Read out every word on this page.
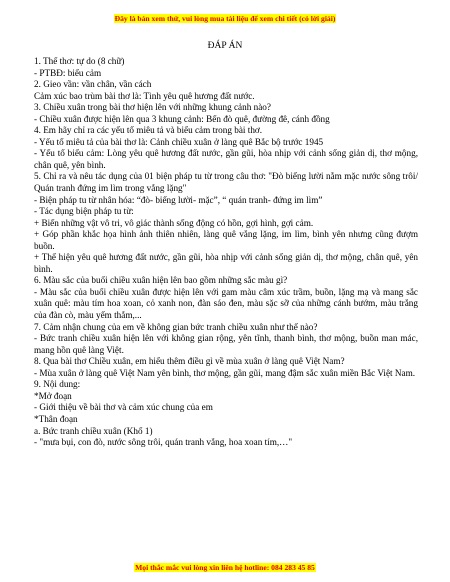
Đây là bản xem thử, vui lòng mua tài liệu để xem chi tiết (có lời giải)
ĐÁP ÁN
1. Thể thơ: tự do (8 chữ)
- PTBĐ: biểu cảm
2. Gieo vần: vần chân, vần cách
Cảm xúc bao trùm bài thơ là: Tình yêu quê hương đất nước.
3. Chiều xuân trong bài thơ hiện lên với những khung cảnh nào?
- Chiều xuân được hiện lên qua 3 khung cảnh: Bến đò quê, đường đê, cánh đồng
4. Em hãy chỉ ra các yếu tố miêu tả và biểu cảm trong bài thơ.
- Yếu tố miêu tả của bài thơ là: Cảnh chiều xuân ở làng quê Bắc bộ trước 1945
- Yếu tố biểu cảm: Lòng yêu quê hương đất nước, gần gũi, hòa nhịp với cảnh sống giản dị, thơ mộng, chân quê, yên bình.
5. Chỉ ra và nêu tác dụng của 01 biện pháp tu từ trong câu thơ: "Đò biếng lười nằm mặc nước sông trôi/ Quán tranh đứng im lìm trong vắng lặng"
- Biện pháp tu từ nhân hóa: “đò- biếng lười- mặc”, “ quán tranh- đứng im lìm”
- Tác dụng biện pháp tu từ:
+ Biến những vật vô tri, vô giác thành sống động có hồn, gợi hình, gợi cảm.
+ Góp phần khắc họa hình ảnh thiên nhiên, làng quê vắng lặng, im lìm, bình yên nhưng cũng đượm buồn.
+ Thể hiện yêu quê hương đất nước, gần gũi, hòa nhịp với cảnh sống giản dị, thơ mộng, chân quê, yên bình.
6. Màu sắc của buổi chiều xuân hiện lên bao gồm những sắc màu gì?
- Màu sắc của buổi chiều xuân được hiện lên với gam màu câm xúc trầm, buồn, lặng mạ và mang sắc xuân quê: màu tím hoa xoan, cỏ xanh non, đàn sáo đen, màu sặc sỡ của những cánh bướm, màu trắng của đàn cò, màu yếm thắm,...
7. Cảm nhận chung của em về không gian bức tranh chiều xuân như thế nào?
- Bức tranh chiều xuân hiện lên với không gian rộng, yên tĩnh, thanh bình, thơ mộng, buồn man mác, mang hồn quê làng Việt.
8. Qua bài thơ Chiều xuân, em hiểu thêm điều gì về mùa xuân ở làng quê Việt Nam?
- Mùa xuân ở làng quê Việt Nam yên bình, thơ mộng, gần gũi, mang đậm sắc xuân miền Bắc Việt Nam.
9. Nội dung:
*Mở đoạn
- Giới thiệu về bài thơ và cảm xúc chung của em
*Thân đoạn
a. Bức tranh chiều xuân (Khổ 1)
- "mưa bụi, con đò, nước sông trôi, quán tranh vắng, hoa xoan tím,…"
Mọi thắc mắc vui lòng xin liên hệ hotline: 084 283 45 85
